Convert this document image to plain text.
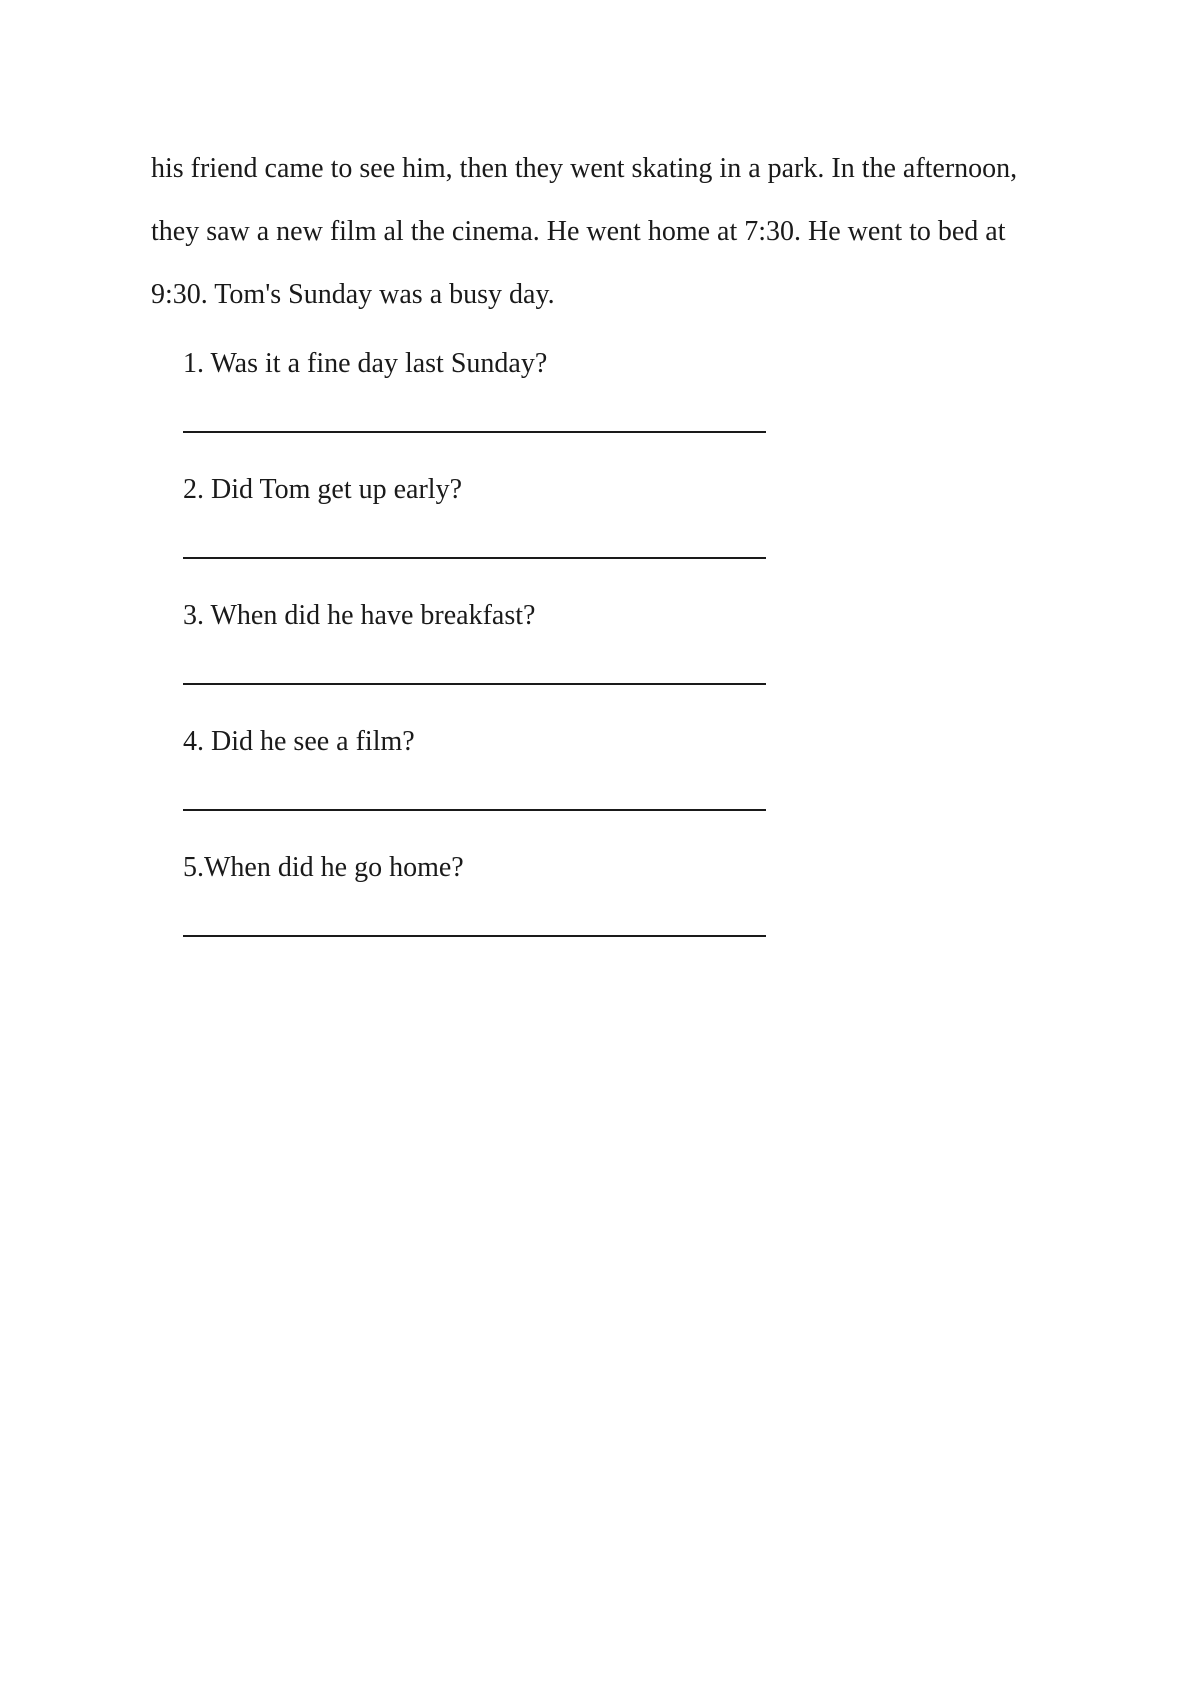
his friend came to see him, then they went skating in a park. In the afternoon,
they saw a new film al the cinema. He went home at 7:30. He went to bed at
9:30. Tom's Sunday was a busy day.
1. Was it a fine day last Sunday?
2. Did Tom get up early?
3. When did he have breakfast?
4. Did he see a film?
5.When did he go home?
